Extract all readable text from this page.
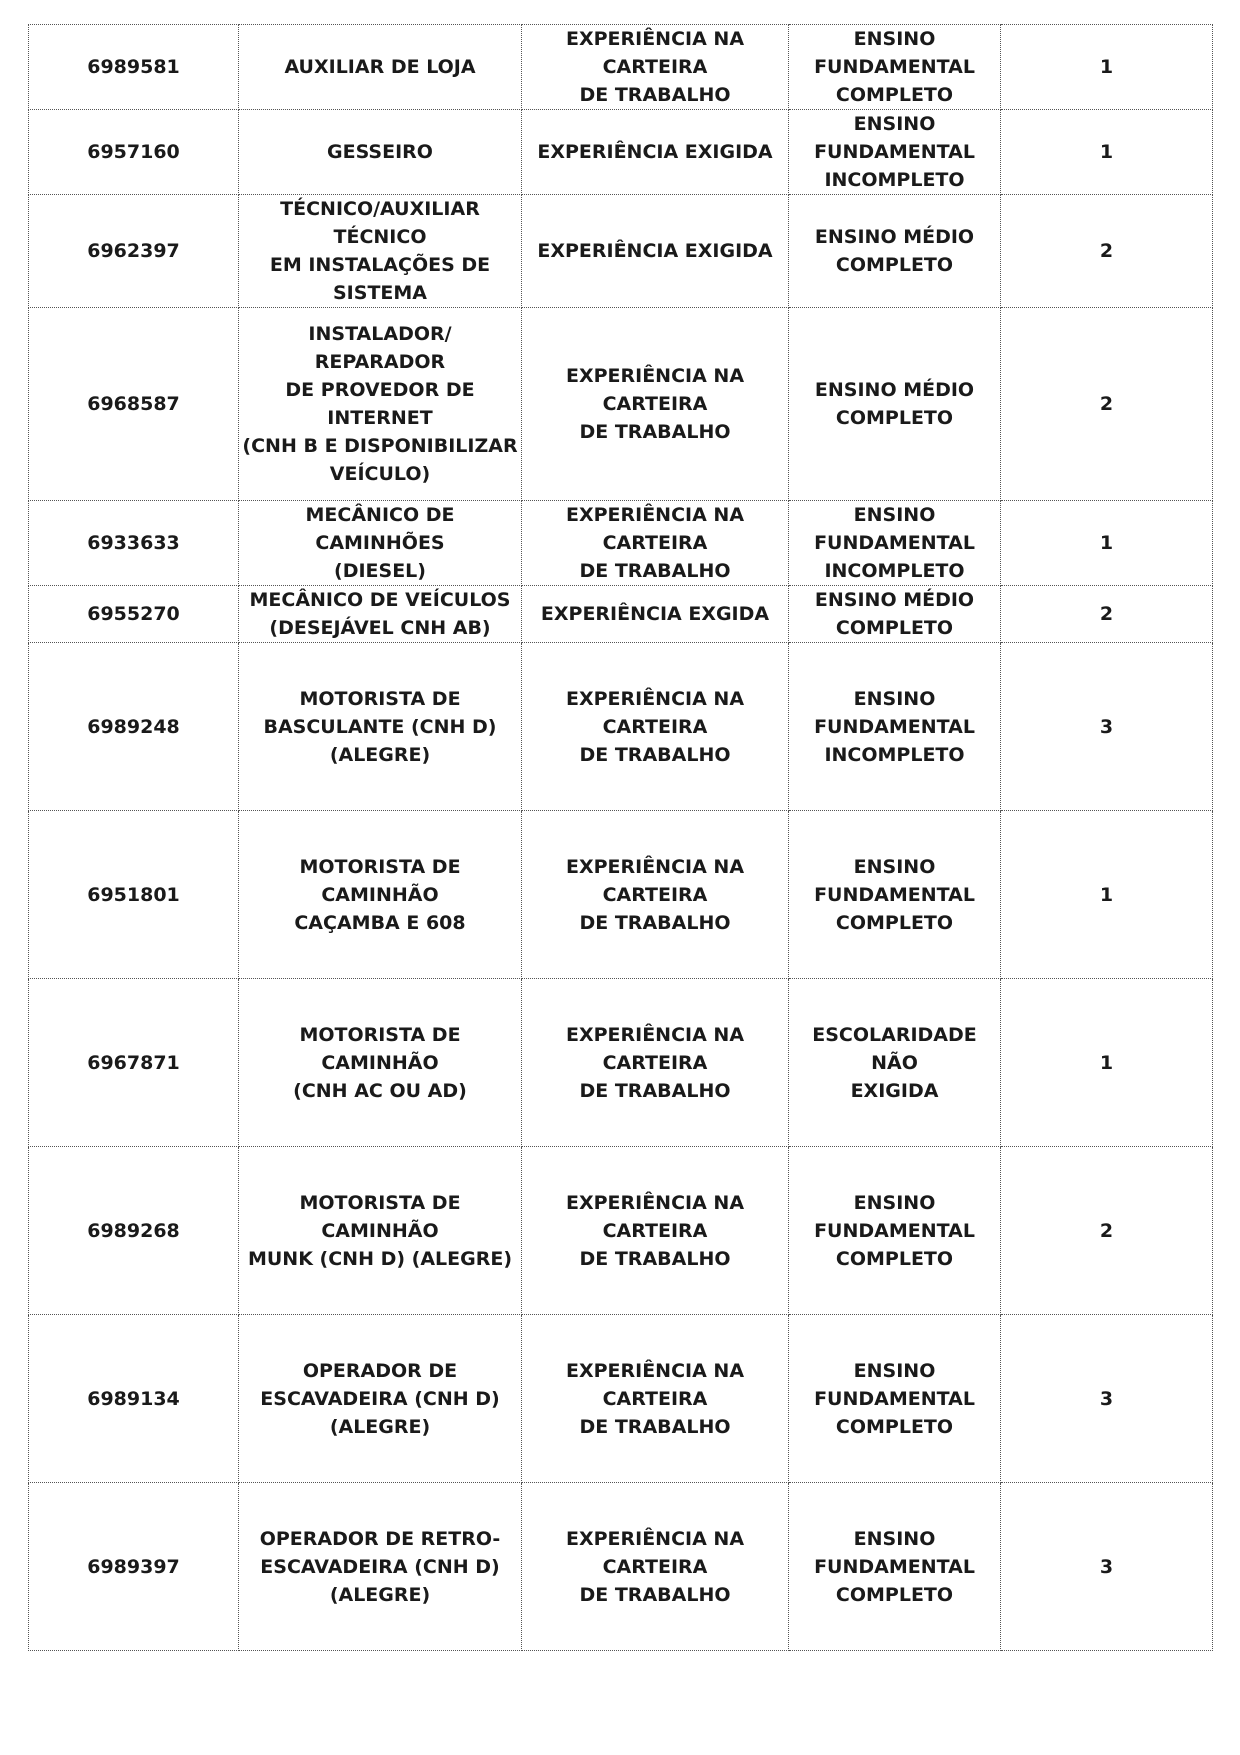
6989581	AUXILIAR DE LOJA	EXPERIÊNCIA NA CARTEIRA
DE TRABALHO	ENSINO
FUNDAMENTAL
COMPLETO	1
6957160	GESSEIRO	EXPERIÊNCIA EXIGIDA	ENSINO
FUNDAMENTAL
INCOMPLETO	1
6962397	TÉCNICO/AUXILIAR TÉCNICO
EM INSTALAÇÕES DE
SISTEMA	EXPERIÊNCIA EXIGIDA	ENSINO MÉDIO
COMPLETO	2
6968587	INSTALADOR/ REPARADOR
DE PROVEDOR DE INTERNET
(CNH B E DISPONIBILIZAR
VEÍCULO)	EXPERIÊNCIA NA CARTEIRA
DE TRABALHO	ENSINO MÉDIO
COMPLETO	2
6933633	MECÂNICO DE CAMINHÕES
(DIESEL)	EXPERIÊNCIA NA CARTEIRA
DE TRABALHO	ENSINO
FUNDAMENTAL
INCOMPLETO	1
6955270	MECÂNICO DE VEÍCULOS
(DESEJÁVEL CNH AB)	EXPERIÊNCIA EXGIDA	ENSINO MÉDIO
COMPLETO	2
6989248	MOTORISTA DE
BASCULANTE (CNH D)
(ALEGRE)	EXPERIÊNCIA NA CARTEIRA
DE TRABALHO	ENSINO
FUNDAMENTAL
INCOMPLETO	3
6951801	MOTORISTA DE CAMINHÃO
CAÇAMBA E 608	EXPERIÊNCIA NA CARTEIRA
DE TRABALHO	ENSINO
FUNDAMENTAL
COMPLETO	1
6967871	MOTORISTA DE CAMINHÃO
(CNH AC OU AD)	EXPERIÊNCIA NA CARTEIRA
DE TRABALHO	ESCOLARIDADE NÃO
EXIGIDA	1
6989268	MOTORISTA DE CAMINHÃO
MUNK (CNH D) (ALEGRE)	EXPERIÊNCIA NA CARTEIRA
DE TRABALHO	ENSINO
FUNDAMENTAL
COMPLETO	2
6989134	OPERADOR DE
ESCAVADEIRA (CNH D)
(ALEGRE)	EXPERIÊNCIA NA CARTEIRA
DE TRABALHO	ENSINO
FUNDAMENTAL
COMPLETO	3
6989397	OPERADOR DE RETRO-
ESCAVADEIRA (CNH D)
(ALEGRE)	EXPERIÊNCIA NA CARTEIRA
DE TRABALHO	ENSINO
FUNDAMENTAL
COMPLETO	3
